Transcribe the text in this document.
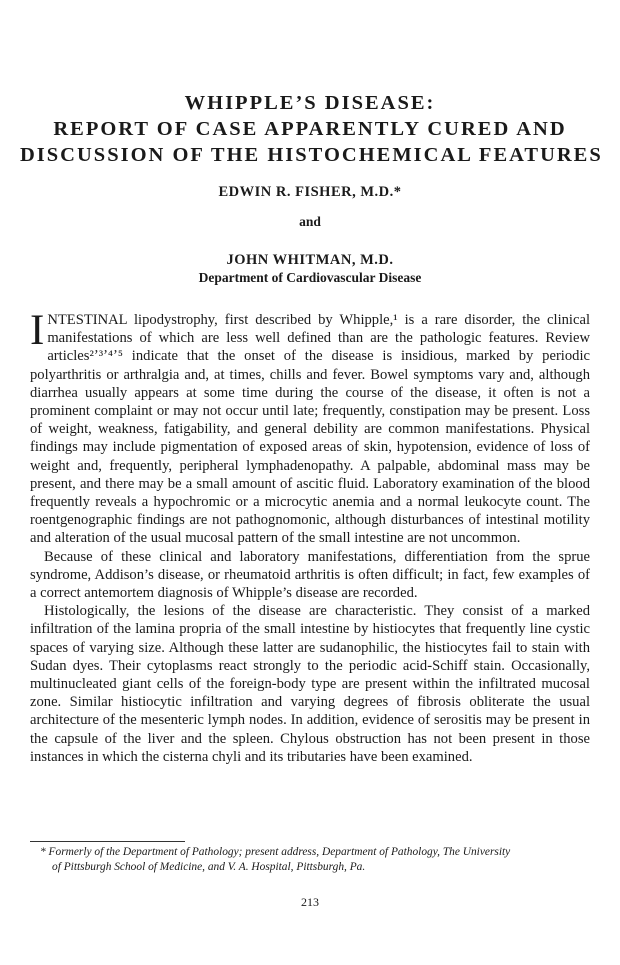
WHIPPLE’S DISEASE:
REPORT OF CASE APPARENTLY CURED AND
DISCUSSION OF THE HISTOCHEMICAL FEATURES
EDWIN R. FISHER, M.D.*
and
JOHN WHITMAN, M.D.
Department of Cardiovascular Disease

INTESTINAL lipodystrophy, first described by Whipple,¹ is a rare disorder, the clinical manifestations of which are less well defined than are the pathologic features. Review articles²ʼ³ʼ⁴ʼ⁵ indicate that the onset of the disease is insidious, marked by periodic polyarthritis or arthralgia and, at times, chills and fever. Bowel symptoms vary and, although diarrhea usually appears at some time during the course of the disease, it often is not a prominent complaint or may not occur until late; frequently, constipation may be present. Loss of weight, weakness, fatigability, and general debility are common manifestations. Physical findings may include pigmentation of exposed areas of skin, hypotension, evidence of loss of weight and, frequently, peripheral lymphadenopathy. A palpable, abdominal mass may be present, and there may be a small amount of ascitic fluid. Laboratory examination of the blood frequently reveals a hypochromic or a microcytic anemia and a normal leukocyte count. The roentgenographic findings are not pathognomonic, although disturbances of intestinal motility and alteration of the usual mucosal pattern of the small intestine are not uncommon.

Because of these clinical and laboratory manifestations, differentiation from the sprue syndrome, Addison’s disease, or rheumatoid arthritis is often difficult; in fact, few examples of a correct antemortem diagnosis of Whipple’s disease are recorded.

Histologically, the lesions of the disease are characteristic. They consist of a marked infiltration of the lamina propria of the small intestine by histiocytes that frequently line cystic spaces of varying size. Although these latter are sudanophilic, the histiocytes fail to stain with Sudan dyes. Their cytoplasms react strongly to the periodic acid-Schiff stain. Occasionally, multinucleated giant cells of the foreign-body type are present within the infiltrated mucosal zone. Similar histiocytic infiltration and varying degrees of fibrosis obliterate the usual architecture of the mesenteric lymph nodes. In addition, evidence of serositis may be present in the capsule of the liver and the spleen. Chylous obstruction has not been present in those instances in which the cisterna chyli and its tributaries have been examined.

* Formerly of the Department of Pathology; present address, Department of Pathology, The University
of Pittsburgh School of Medicine, and V. A. Hospital, Pittsburgh, Pa.
213
